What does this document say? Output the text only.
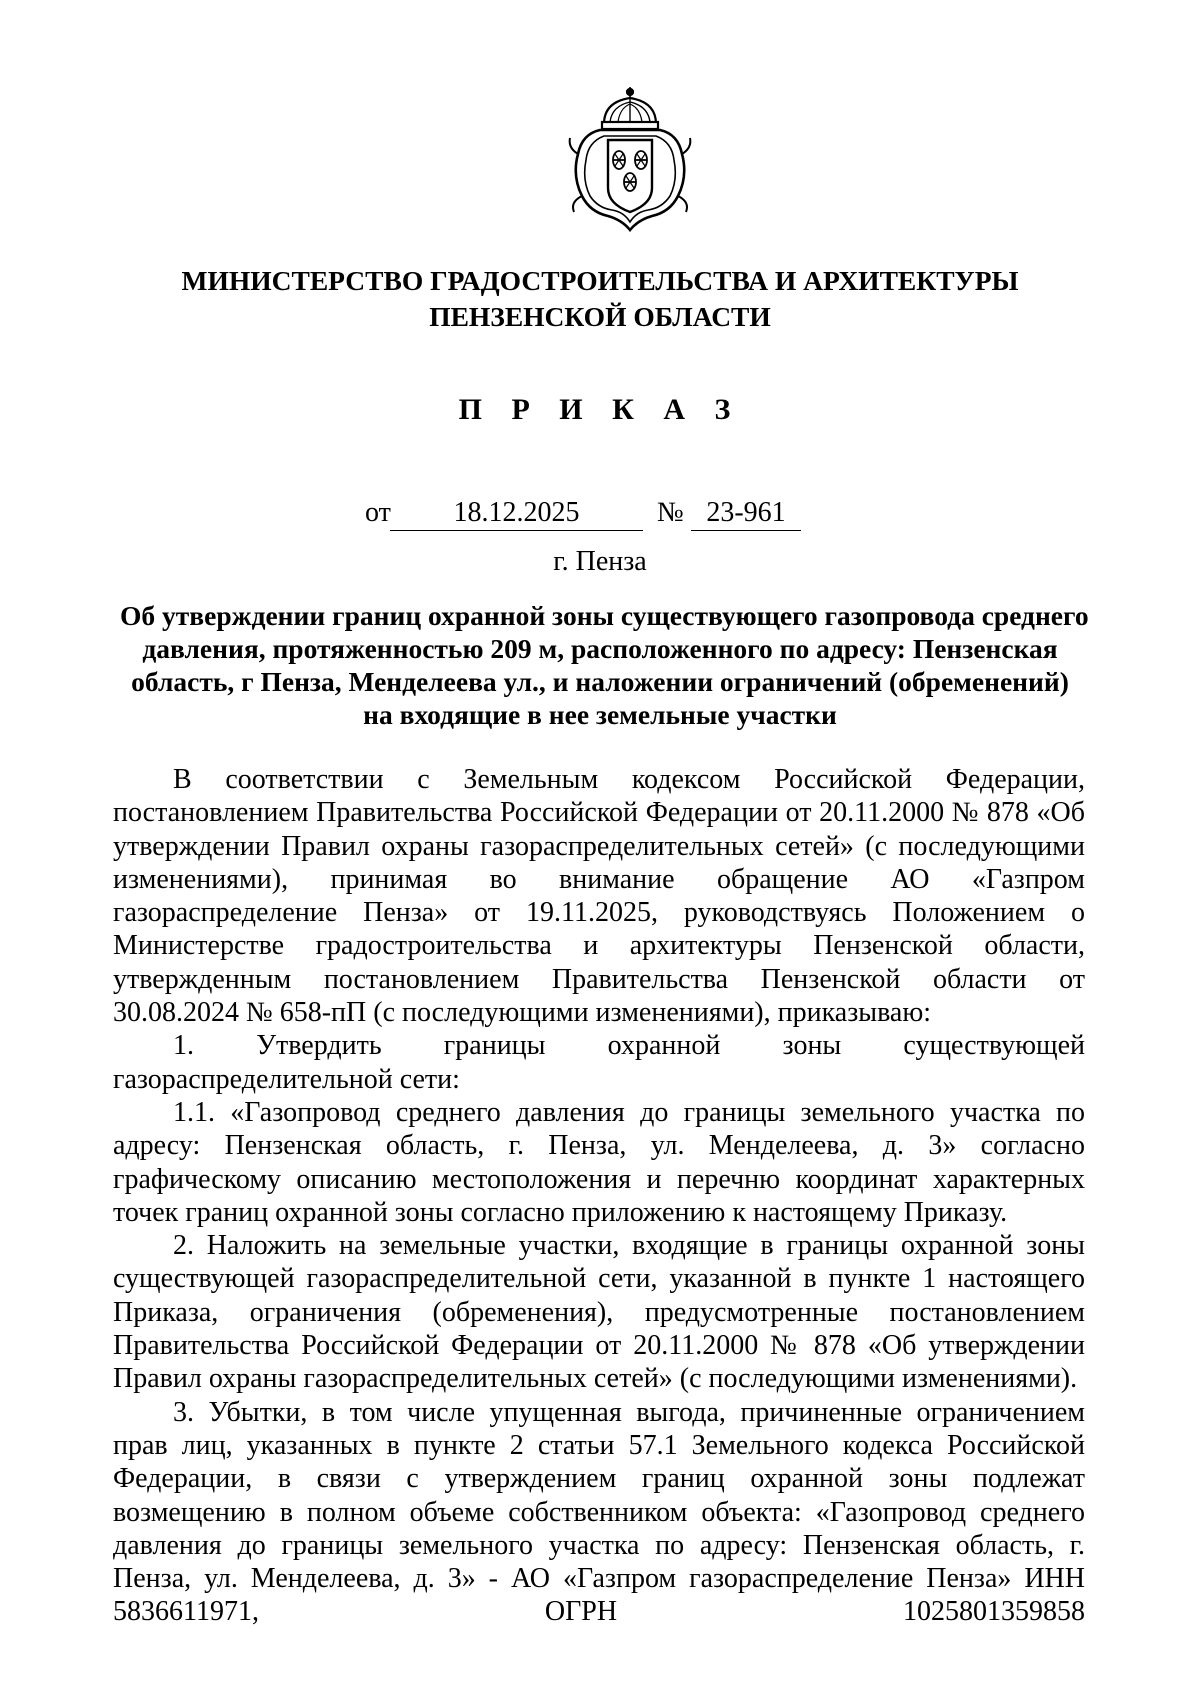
МИНИСТЕРСТВО ГРАДОСТРОИТЕЛЬСТВА И АРХИТЕКТУРЫ
ПЕНЗЕНСКОЙ ОБЛАСТИ
П Р И К А З
от	18.12.2025	№ 23-961
г. Пенза
Об утверждении границ охранной зоны существующего газопровода среднего
давления, протяженностью 209 м, расположенного по адресу: Пензенская
область, г Пенза, Менделеева ул., и наложении ограничений (обременений)
на входящие в нее земельные участки

В соответствии с Земельным кодексом Российской Федерации, постановлением Правительства Российской Федерации от 20.11.2000 № 878 «Об утверждении Правил охраны газораспределительных сетей» (с последующими изменениями), принимая во внимание обращение АО «Газпром газораспределение Пенза» от 19.11.2025, руководствуясь Положением о Министерстве градостроительства и архитектуры Пензенской области, утвержденным постановлением Правительства Пензенской области от 30.08.2024 № 658-пП (с последующими изменениями), приказываю:

1. Утвердить границы охранной зоны существующей газораспределительной сети:

1.1. «Газопровод среднего давления до границы земельного участка по адресу: Пензенская область, г. Пенза, ул. Менделеева, д. 3» согласно графическому описанию местоположения и перечню координат характерных точек границ охранной зоны согласно приложению к настоящему Приказу.

2. Наложить на земельные участки, входящие в границы охранной зоны существующей газораспределительной сети, указанной в пункте 1 настоящего Приказа, ограничения (обременения), предусмотренные постановлением Правительства Российской Федерации от 20.11.2000 № 878 «Об утверждении Правил охраны газораспределительных сетей» (с последующими изменениями).

3. Убытки, в том числе упущенная выгода, причиненные ограничением прав лиц, указанных в пункте 2 статьи 57.1 Земельного кодекса Российской Федерации, в связи с утверждением границ охранной зоны подлежат возмещению в полном объеме собственником объекта: «Газопровод среднего давления до границы земельного участка по адресу: Пензенская область, г. Пенза, ул. Менделеева, д. 3» - АО «Газпром газораспределение Пенза» ИНН 5836611971, ОГРН 1025801359858
